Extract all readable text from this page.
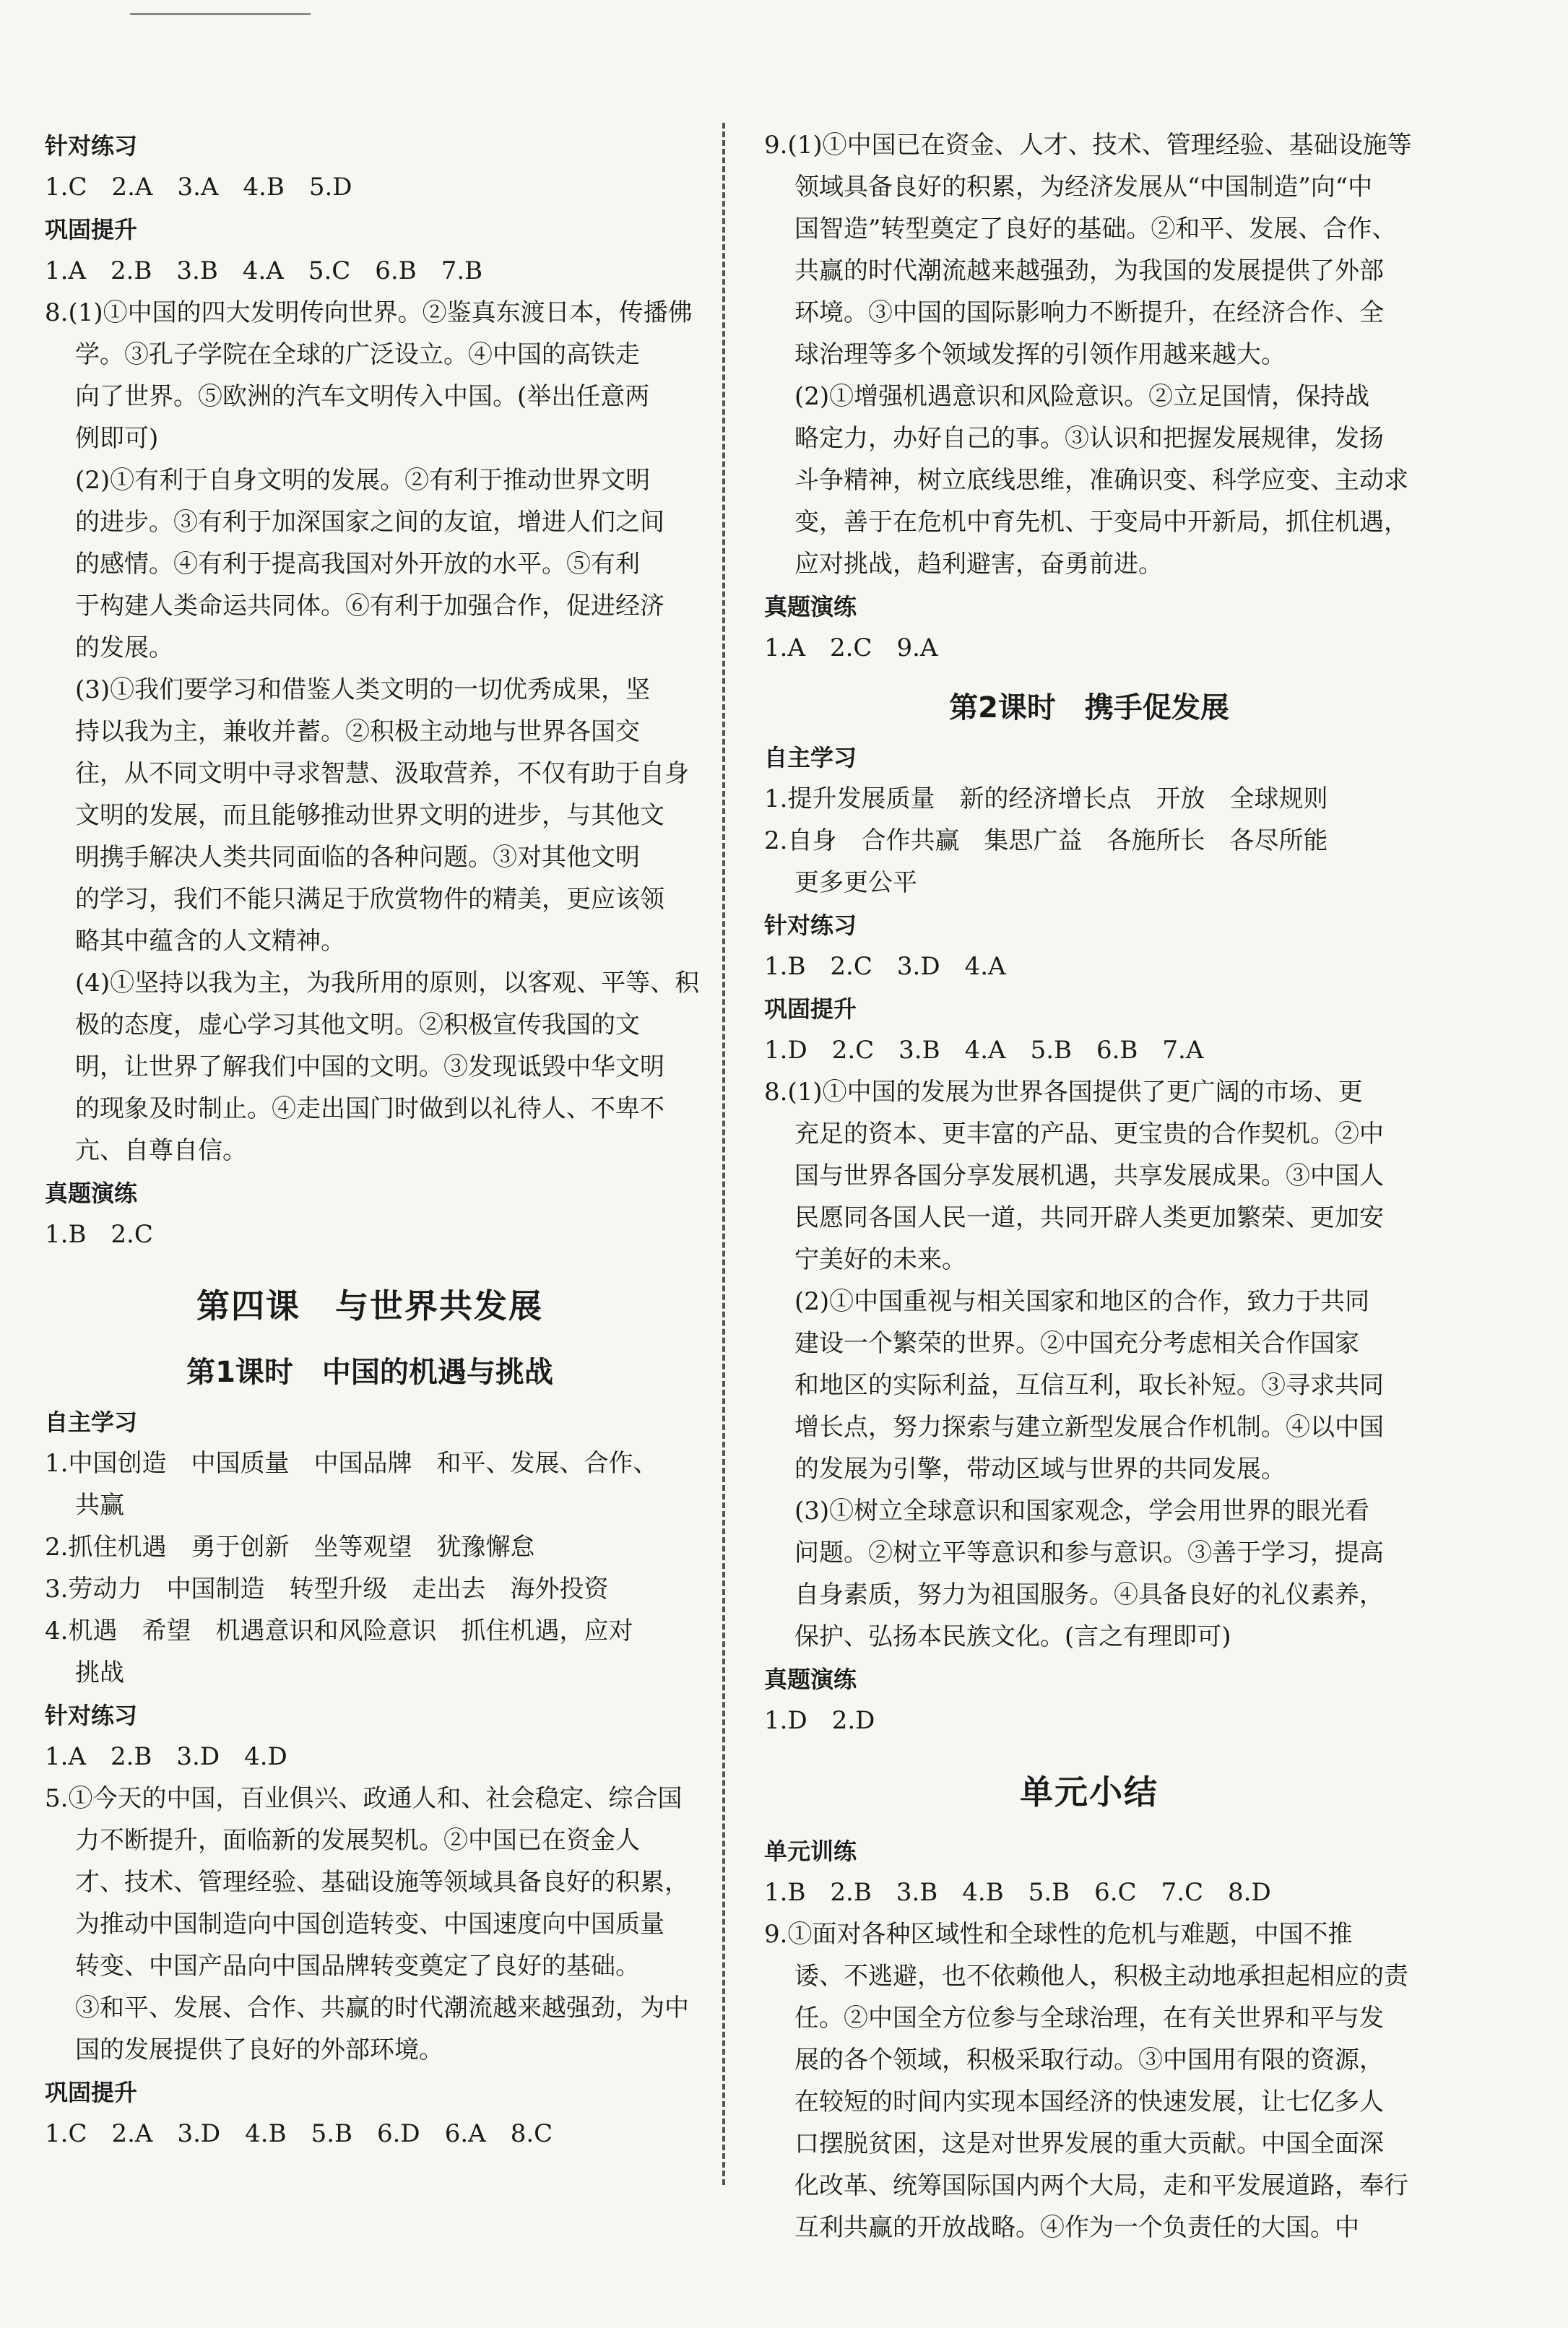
针对练习
1.C　2.A　3.A　4.B　5.D
巩固提升
1.A　2.B　3.B　4.A　5.C　6.B　7.B
8.(1)①中国的四大发明传向世界。②鉴真东渡日本，传播佛
学。③孔子学院在全球的广泛设立。④中国的高铁走
向了世界。⑤欧洲的汽车文明传入中国。(举出任意两
例即可)
(2)①有利于自身文明的发展。②有利于推动世界文明
的进步。③有利于加深国家之间的友谊，增进人们之间
的感情。④有利于提高我国对外开放的水平。⑤有利
于构建人类命运共同体。⑥有利于加强合作，促进经济
的发展。
(3)①我们要学习和借鉴人类文明的一切优秀成果，坚
持以我为主，兼收并蓄。②积极主动地与世界各国交
往，从不同文明中寻求智慧、汲取营养，不仅有助于自身
文明的发展，而且能够推动世界文明的进步，与其他文
明携手解决人类共同面临的各种问题。③对其他文明
的学习，我们不能只满足于欣赏物件的精美，更应该领
略其中蕴含的人文精神。
(4)①坚持以我为主，为我所用的原则，以客观、平等、积
极的态度，虚心学习其他文明。②积极宣传我国的文
明，让世界了解我们中国的文明。③发现诋毁中华文明
的现象及时制止。④走出国门时做到以礼待人、不卑不
亢、自尊自信。
真题演练
1.B　2.C
第四课　与世界共发展
第1课时　中国的机遇与挑战
自主学习
1.中国创造　中国质量　中国品牌　和平、发展、合作、
共赢
2.抓住机遇　勇于创新　坐等观望　犹豫懈怠
3.劳动力　中国制造　转型升级　走出去　海外投资
4.机遇　希望　机遇意识和风险意识　抓住机遇，应对
挑战
针对练习
1.A　2.B　3.D　4.D
5.①今天的中国，百业俱兴、政通人和、社会稳定、综合国
力不断提升，面临新的发展契机。②中国已在资金人
才、技术、管理经验、基础设施等领域具备良好的积累，
为推动中国制造向中国创造转变、中国速度向中国质量
转变、中国产品向中国品牌转变奠定了良好的基础。
③和平、发展、合作、共赢的时代潮流越来越强劲，为中
国的发展提供了良好的外部环境。
巩固提升
1.C　2.A　3.D　4.B　5.B　6.D　6.A　8.C
9.(1)①中国已在资金、人才、技术、管理经验、基础设施等
领域具备良好的积累，为经济发展从“中国制造”向“中
国智造”转型奠定了良好的基础。②和平、发展、合作、
共赢的时代潮流越来越强劲，为我国的发展提供了外部
环境。③中国的国际影响力不断提升，在经济合作、全
球治理等多个领域发挥的引领作用越来越大。
(2)①增强机遇意识和风险意识。②立足国情，保持战
略定力，办好自己的事。③认识和把握发展规律，发扬
斗争精神，树立底线思维，准确识变、科学应变、主动求
变，善于在危机中育先机、于变局中开新局，抓住机遇，
应对挑战，趋利避害，奋勇前进。
真题演练
1.A　2.C　9.A
第2课时　携手促发展
自主学习
1.提升发展质量　新的经济增长点　开放　全球规则
2.自身　合作共赢　集思广益　各施所长　各尽所能
更多更公平
针对练习
1.B　2.C　3.D　4.A
巩固提升
1.D　2.C　3.B　4.A　5.B　6.B　7.A
8.(1)①中国的发展为世界各国提供了更广阔的市场、更
充足的资本、更丰富的产品、更宝贵的合作契机。②中
国与世界各国分享发展机遇，共享发展成果。③中国人
民愿同各国人民一道，共同开辟人类更加繁荣、更加安
宁美好的未来。
(2)①中国重视与相关国家和地区的合作，致力于共同
建设一个繁荣的世界。②中国充分考虑相关合作国家
和地区的实际利益，互信互利，取长补短。③寻求共同
增长点，努力探索与建立新型发展合作机制。④以中国
的发展为引擎，带动区域与世界的共同发展。
(3)①树立全球意识和国家观念，学会用世界的眼光看
问题。②树立平等意识和参与意识。③善于学习，提高
自身素质，努力为祖国服务。④具备良好的礼仪素养，
保护、弘扬本民族文化。(言之有理即可)
真题演练
1.D　2.D
单元小结
单元训练
1.B　2.B　3.B　4.B　5.B　6.C　7.C　8.D
9.①面对各种区域性和全球性的危机与难题，中国不推
诿、不逃避，也不依赖他人，积极主动地承担起相应的责
任。②中国全方位参与全球治理，在有关世界和平与发
展的各个领域，积极采取行动。③中国用有限的资源，
在较短的时间内实现本国经济的快速发展，让七亿多人
口摆脱贫困，这是对世界发展的重大贡献。中国全面深
化改革、统筹国际国内两个大局，走和平发展道路，奉行
互利共赢的开放战略。④作为一个负责任的大国。中
